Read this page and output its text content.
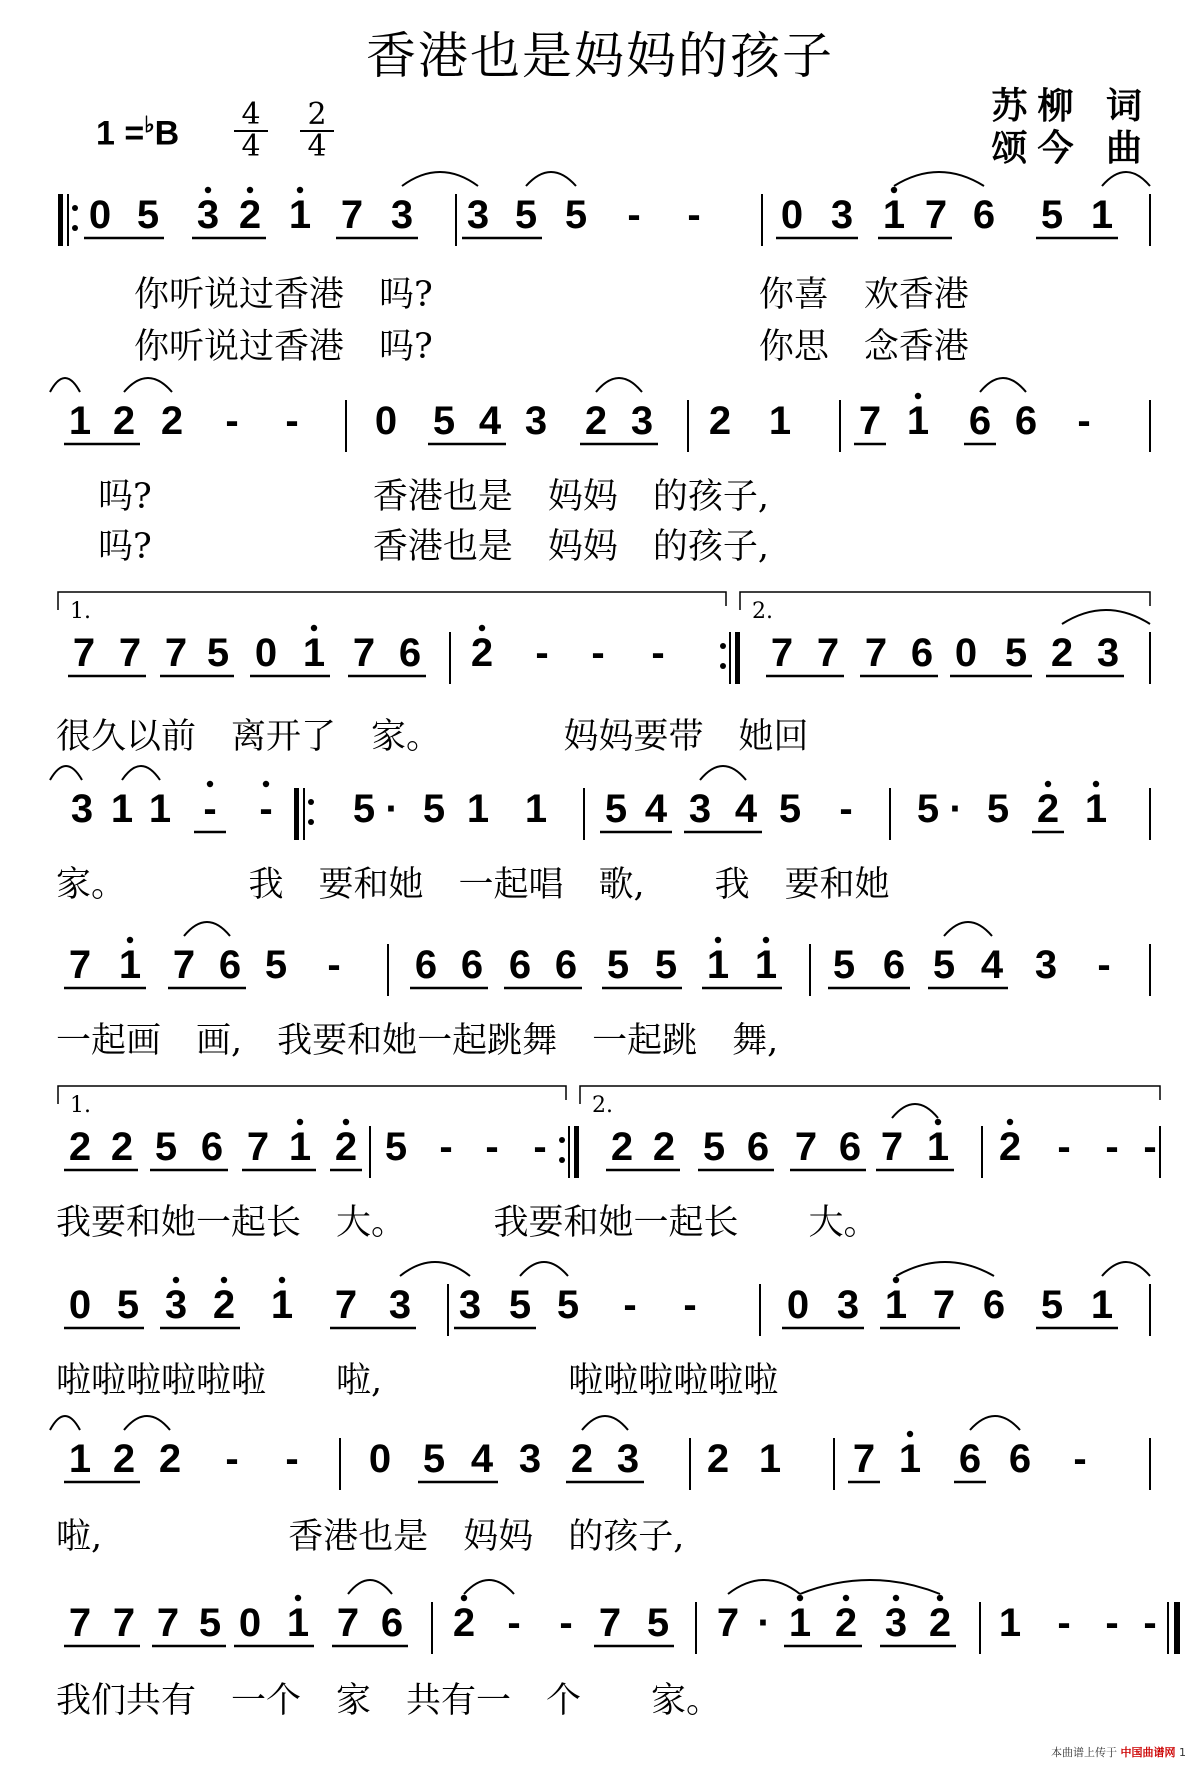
香港也是妈妈的孩子
苏柳 词
颂今 曲
$1 =^♭B \frac{4}{4} \frac{2}{4}$
0 5 3 2 1 7 3 3 5 5 - - 0 3 1 7 6 5 1
你听说过香港　吗?　　　　　　　　　 你喜　欢香港
你听说过香港　吗?　　　　　　　　　 你思　念香港
1 2 2 - - 0 5 4 3 2 3 2 1 7 1 6 6 -
吗?　　　　　　 香港也是　妈妈　的孩子,
吗?　　　　　　 香港也是　妈妈　的孩子,
7 7 7 5 0 1 7 6 2 - - -	7 7 7 6 0 5 2 3
1.	2.
很久以前　离开了　家。　　　　妈妈要带　她回
3 1 1 - - 5 · 5 1 1 5 4 3 4 5 - 5 · 5 2 1
家。　　　　我　要和她　一起唱　歌,　　我　要和她
7 1 7 6 5 - 6 6 6 6 5 5 1 1 5 6 5 4 3 -
一起画　画,　我要和她一起跳舞　一起跳　舞,
2 2 5 6 7 1 2 5 - - - 2 2 5 6 7 6 7 1 2 - - -
1.	2.
我要和她一起长　大。　　　我要和她一起长　　大。
0 5 3 2 1 7 3 3 5 5 - - 0 3 1 7 6 5 1
啦啦啦啦啦啦　　啦,　　　　　 啦啦啦啦啦啦
1 2 2 - - 0 5 4 3 2 3 2 1 7 1 6 6 -
啦,　　　　　 香港也是　妈妈　的孩子,
7 7 7 5 0 1 7 6 2 - - 7 5 7 · 1 2 3 2 1 - - -
我们共有　一个　家　共有一　个　　家。
本曲谱上传于 中国曲谱网 1
